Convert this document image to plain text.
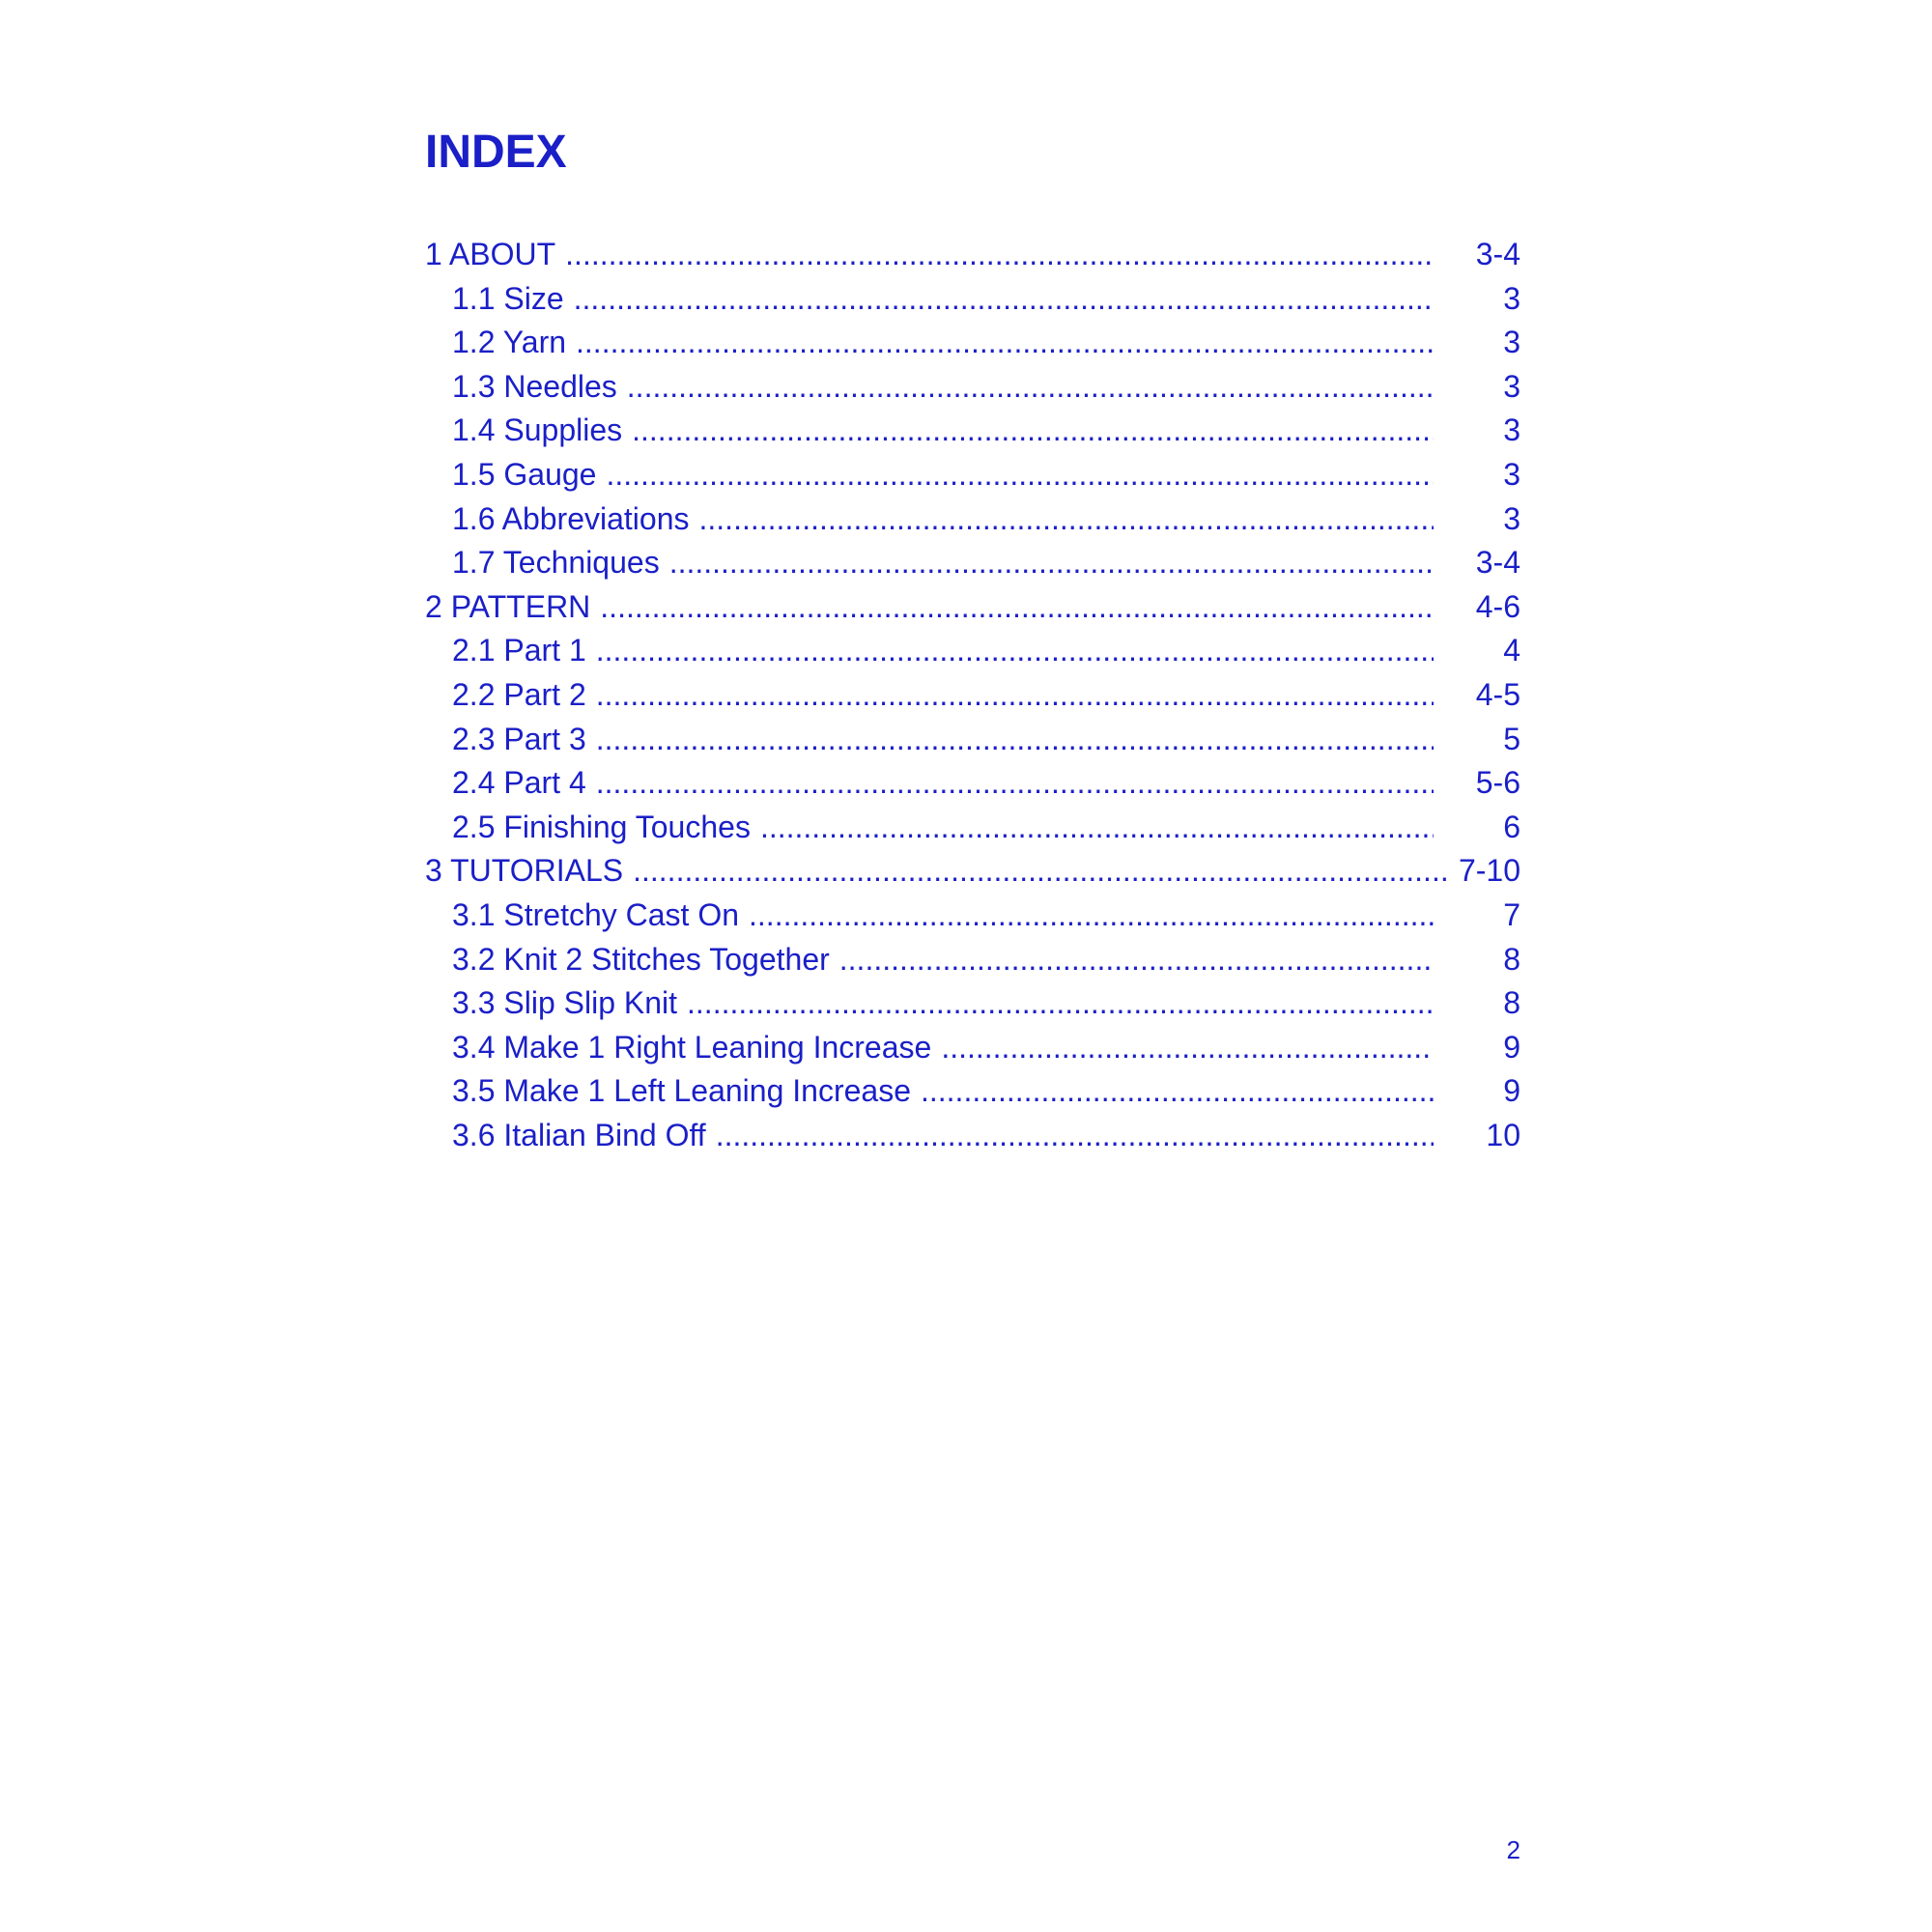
INDEX
1 ABOUT .....	3-4
1.1 Size .....	3
1.2 Yarn .....	3
1.3 Needles .....	3
1.4 Supplies .....	3
1.5 Gauge .....	3
1.6 Abbreviations .....	3
1.7 Techniques .....	3-4
2 PATTERN .....	4-6
2.1 Part 1 .....	4
2.2 Part 2 .....	4-5
2.3 Part 3 .....	5
2.4 Part 4 .....	5-6
2.5 Finishing Touches .....	6
3 TUTORIALS .....	7-10
3.1 Stretchy Cast On .....	7
3.2 Knit 2 Stitches Together .....	8
3.3 Slip Slip Knit .....	8
3.4 Make 1 Right Leaning Increase .....	9
3.5 Make 1 Left Leaning Increase .....	9
3.6 Italian Bind Off .....	10
2
